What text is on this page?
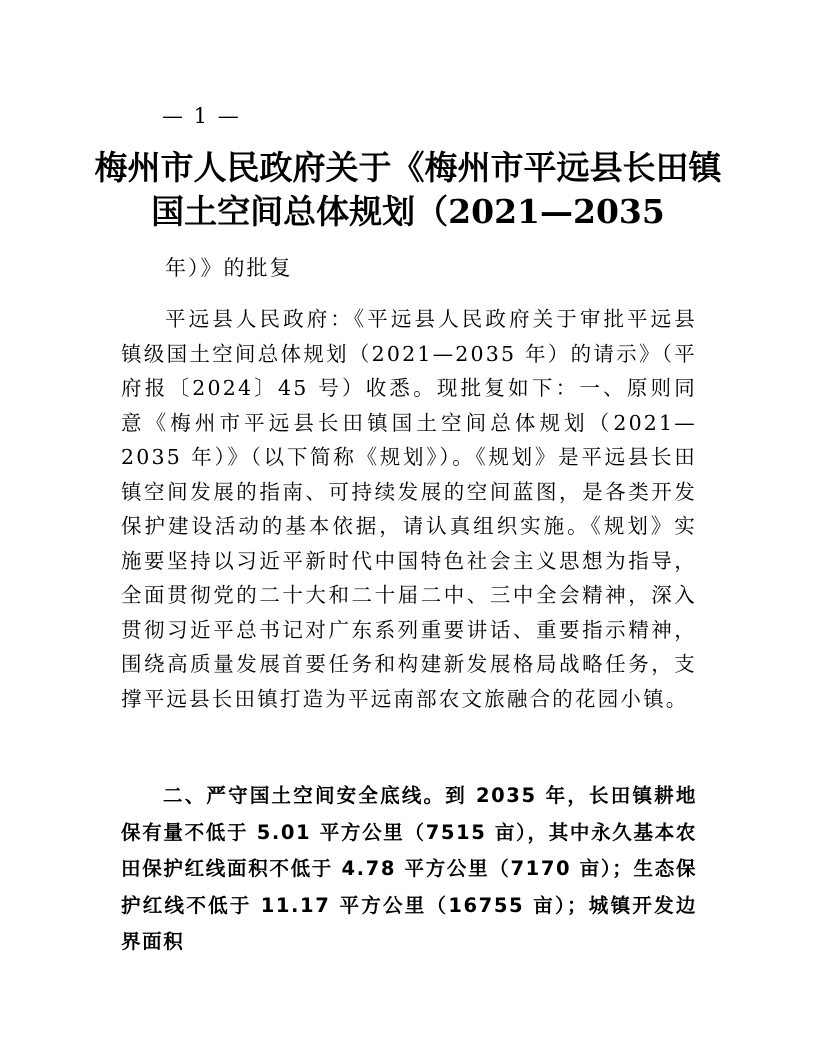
— 1 —
梅州市人民政府关于《梅州市平远县长田镇
国土空间总体规划（2021—2035
年）》的批复

平远县人民政府：《平远县人民政府关于审批平远县镇级国土空间总体规划（2021—2035 年）的请示》（平府报〔2024〕45 号）收悉。现批复如下：一、原则同意《梅州市平远县长田镇国土空间总体规划（2021—2035 年）》（以下简称《规划》）。《规划》是平远县长田镇空间发展的指南、可持续发展的空间蓝图，是各类开发保护建设活动的基本依据，请认真组织实施。《规划》实施要坚持以习近平新时代中国特色社会主义思想为指导，全面贯彻党的二十大和二十届二中、三中全会精神，深入贯彻习近平总书记对广东系列重要讲话、重要指示精神，围绕高质量发展首要任务和构建新发展格局战略任务，支撑平远县长田镇打造为平远南部农文旅融合的花园小镇。

二、严守国土空间安全底线。到 2035 年，长田镇耕地保有量不低于 5.01 平方公里（7515 亩），其中永久基本农田保护红线面积不低于 4.78 平方公里（7170 亩）；生态保护红线不低于 11.17 平方公里（16755 亩）；城镇开发边界面积
